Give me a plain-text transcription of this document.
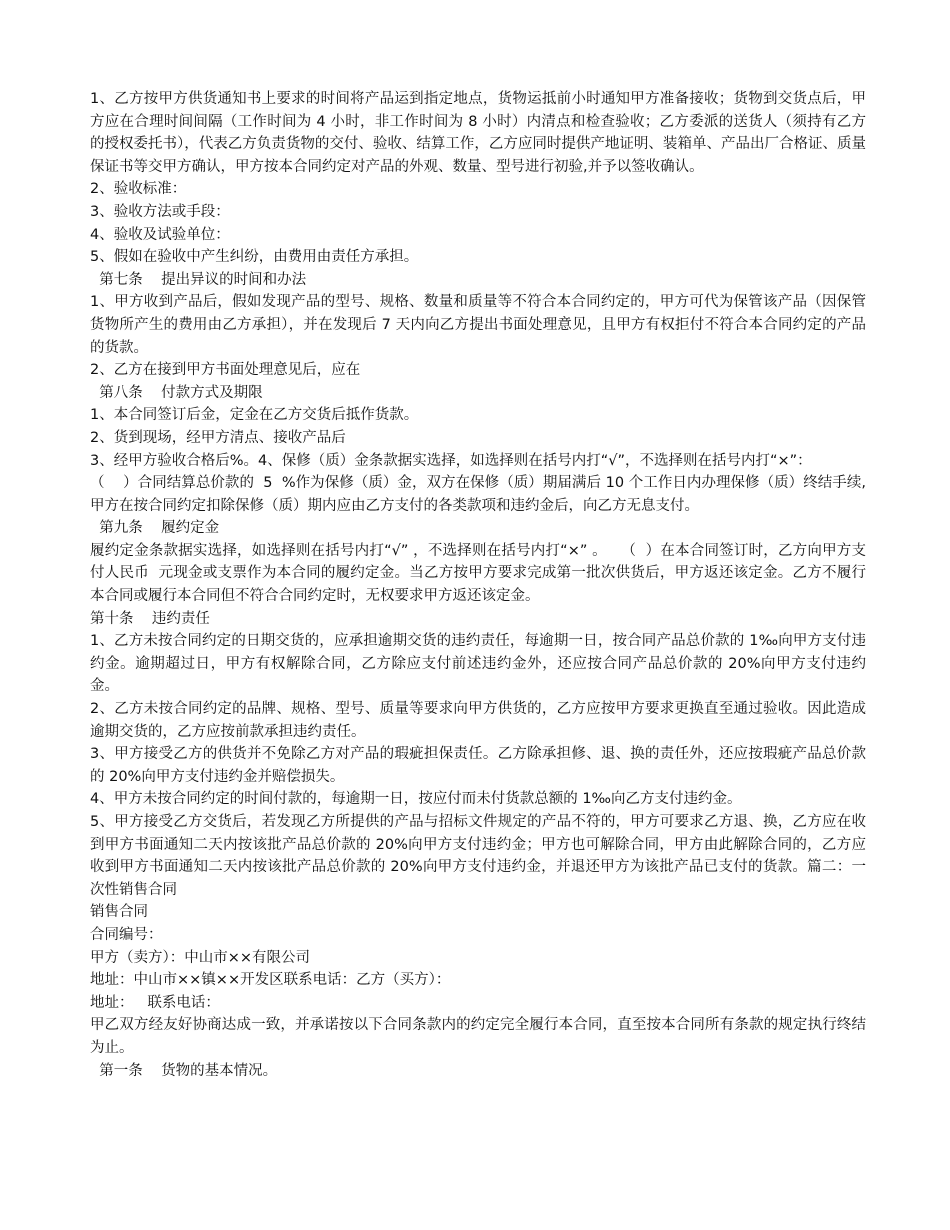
1、乙方按甲方供货通知书上要求的时间将产品运到指定地点，货物运抵前小时通知甲方准备接收；货物到交货点后，甲方应在合理时间间隔（工作时间为 4 小时，非工作时间为 8 小时）内清点和检查验收；乙方委派的送货人（须持有乙方的授权委托书），代表乙方负责货物的交付、验收、结算工作，乙方应同时提供产地证明、装箱单、产品出厂合格证、质量保证书等交甲方确认，甲方按本合同约定对产品的外观、数量、型号进行初验,并予以签收确认。

2、验收标准：

3、验收方法或手段：

4、验收及试验单位：

5、假如在验收中产生纠纷，由费用由责任方承担。

第七条    提出异议的时间和办法

1、甲方收到产品后，假如发现产品的型号、规格、数量和质量等不符合本合同约定的，甲方可代为保管该产品（因保管货物所产生的费用由乙方承担），并在发现后 7 天内向乙方提出书面处理意见，且甲方有权拒付不符合本合同约定的产品的货款。

2、乙方在接到甲方书面处理意见后，应在

第八条    付款方式及期限

1、本合同签订后金，定金在乙方交货后抵作货款。

2、货到现场，经甲方清点、接收产品后

3、经甲方验收合格后%。4、保修（质）金条款据实选择，如选择则在括号内打“√”，不选择则在括号内打“×”：

（    ）合同结算总价款的  5  %作为保修（质）金，双方在保修（质）期届满后 10 个工作日内办理保修（质）终结手续,甲方在按合同约定扣除保修（质）期内应由乙方支付的各类款项和违约金后，向乙方无息支付。

第九条    履约定金

履约定金条款据实选择，如选择则在括号内打“√” ，不选择则在括号内打“×” 。   （  ）在本合同签订时，乙方向甲方支付人民币  元现金或支票作为本合同的履约定金。当乙方按甲方要求完成第一批次供货后，甲方返还该定金。乙方不履行本合同或履行本合同但不符合合同约定时，无权要求甲方返还该定金。

第十条    违约责任

1、乙方未按合同约定的日期交货的，应承担逾期交货的违约责任，每逾期一日，按合同产品总价款的 1‰向甲方支付违约金。逾期超过日，甲方有权解除合同，乙方除应支付前述违约金外，还应按合同产品总价款的 20%向甲方支付违约金。

2、乙方未按合同约定的品牌、规格、型号、质量等要求向甲方供货的，乙方应按甲方要求更换直至通过验收。因此造成逾期交货的，乙方应按前款承担违约责任。

3、甲方接受乙方的供货并不免除乙方对产品的瑕疵担保责任。乙方除承担修、退、换的责任外，还应按瑕疵产品总价款的 20%向甲方支付违约金并赔偿损失。

4、甲方未按合同约定的时间付款的，每逾期一日，按应付而未付货款总额的 1‰向乙方支付违约金。

5、甲方接受乙方交货后，若发现乙方所提供的产品与招标文件规定的产品不符的，甲方可要求乙方退、换，乙方应在收到甲方书面通知二天内按该批产品总价款的 20%向甲方支付违约金；甲方也可解除合同，甲方由此解除合同的，乙方应收到甲方书面通知二天内按该批产品总价款的 20%向甲方支付违约金，并退还甲方为该批产品已支付的货款。篇二：一次性销售合同

销售合同

合同编号：

甲方（卖方）：中山市××有限公司

地址：中山市××镇××开发区联系电话：乙方（买方）：

地址：   联系电话：

甲乙双方经友好协商达成一致，并承诺按以下合同条款内的约定完全履行本合同，直至按本合同所有条款的规定执行终结为止。

第一条    货物的基本情况。
